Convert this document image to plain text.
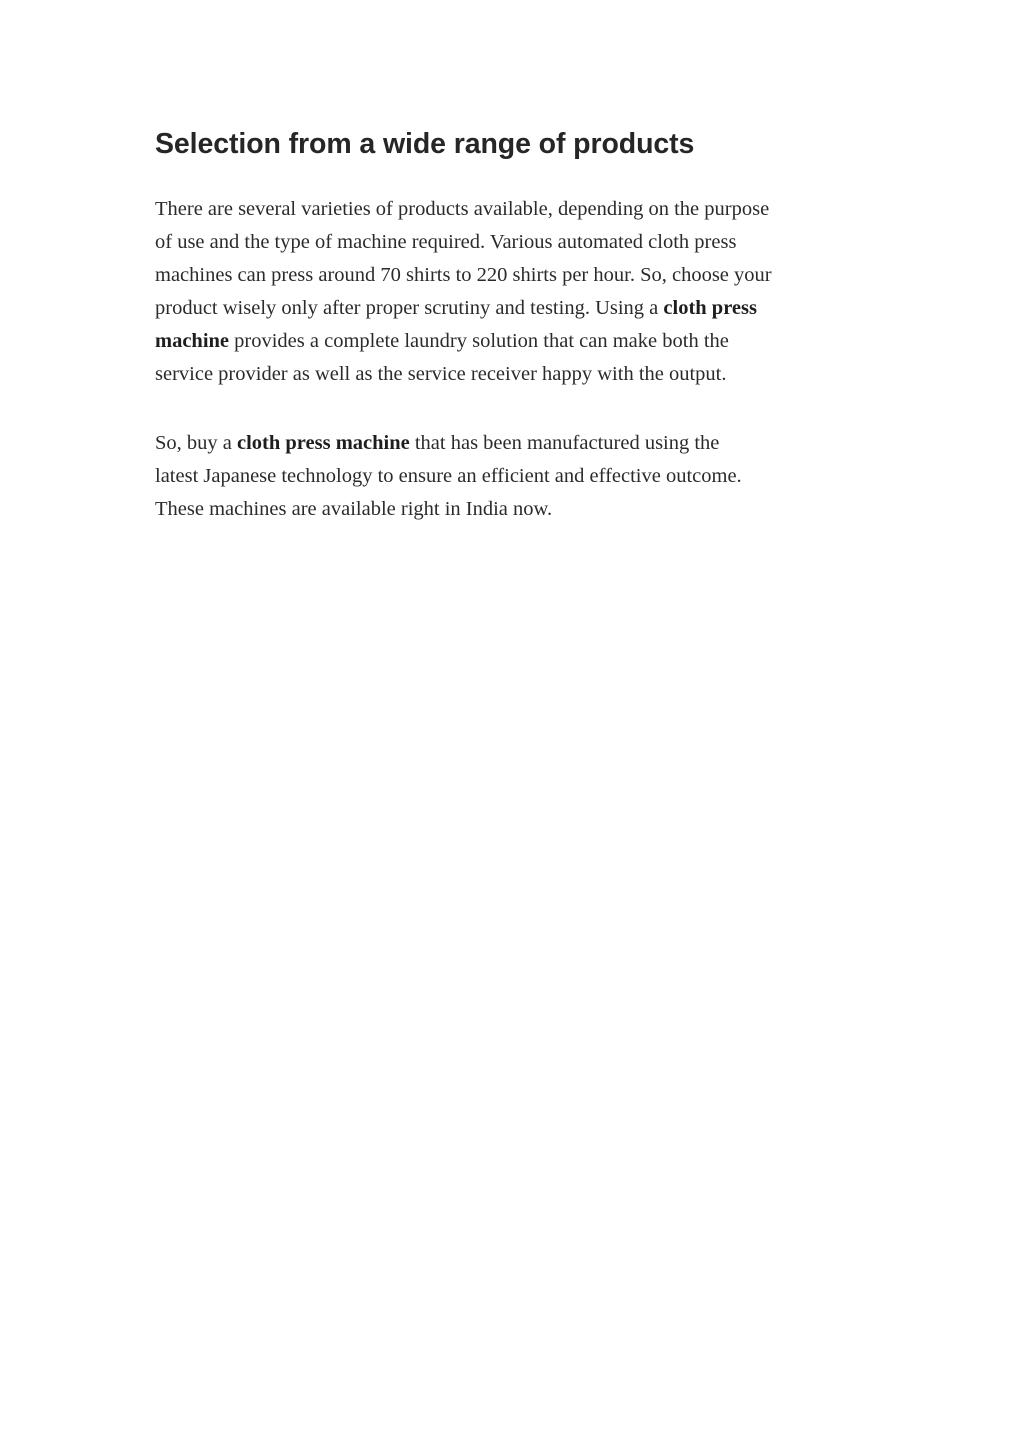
Selection from a wide range of products

There are several varieties of products available, depending on the purpose
of use and the type of machine required. Various automated cloth press
machines can press around 70 shirts to 220 shirts per hour. So, choose your
product wisely only after proper scrutiny and testing. Using a cloth press
machine provides a complete laundry solution that can make both the
service provider as well as the service receiver happy with the output.

So, buy a cloth press machine that has been manufactured using the
latest Japanese technology to ensure an efficient and effective outcome.
These machines are available right in India now.
